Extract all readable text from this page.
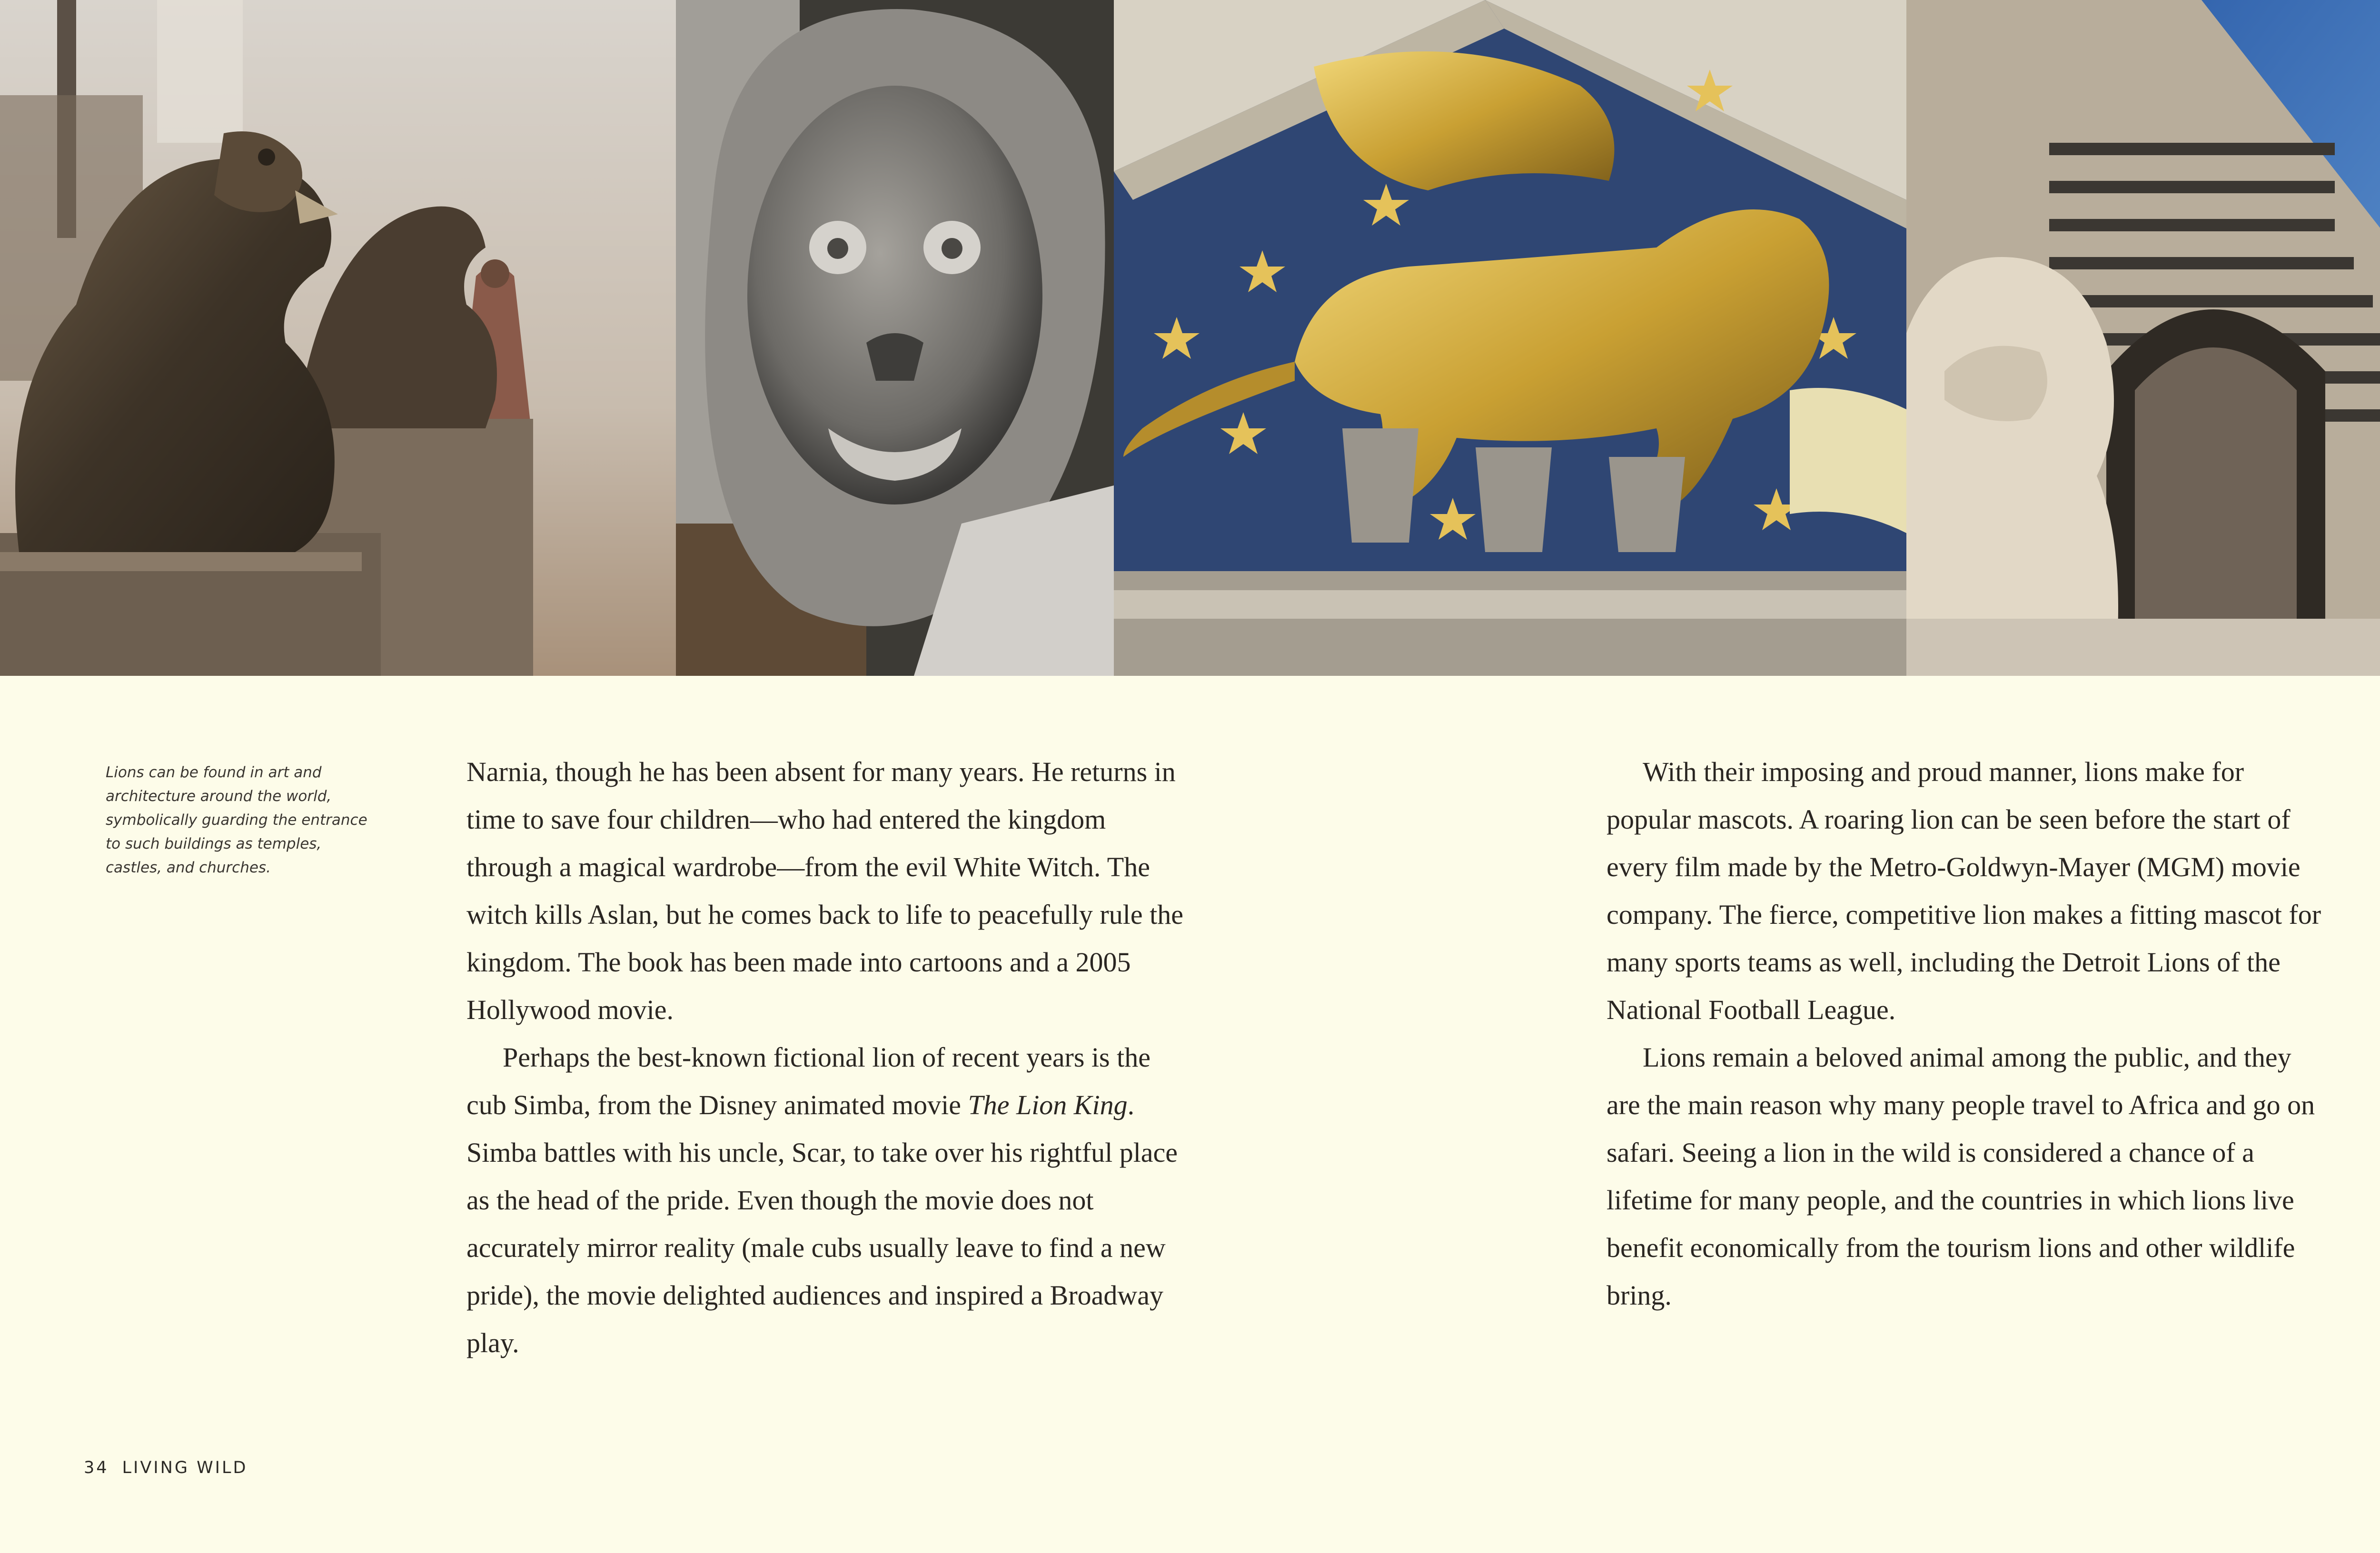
Lions can be found in art and architecture around the world, symbolically guarding the entrance to such buildings as temples, castles, and churches.

Narnia, though he has been absent for many years. He returns in time to save four children—who had entered the kingdom through a magical wardrobe—from the evil White Witch. The witch kills Aslan, but he comes back to life to peacefully rule the kingdom. The book has been made into cartoons and a 2005 Hollywood movie.

Perhaps the best-known fictional lion of recent years is the cub Simba, from the Disney animated movie The Lion King. Simba battles with his uncle, Scar, to take over his rightful place as the head of the pride. Even though the movie does not accurately mirror reality (male cubs usually leave to find a new pride), the movie delighted audiences and inspired a Broadway play.

With their imposing and proud manner, lions make for popular mascots. A roaring lion can be seen before the start of every film made by the Metro-Goldwyn-Mayer (MGM) movie company. The fierce, competitive lion makes a fitting mascot for many sports teams as well, including the Detroit Lions of the National Football League.

Lions remain a beloved animal among the public, and they are the main reason why many people travel to Africa and go on safari. Seeing a lion in the wild is considered a chance of a lifetime for many people, and the countries in which lions live benefit economically from the tourism lions and other wildlife bring.

34 LIVING WILD
